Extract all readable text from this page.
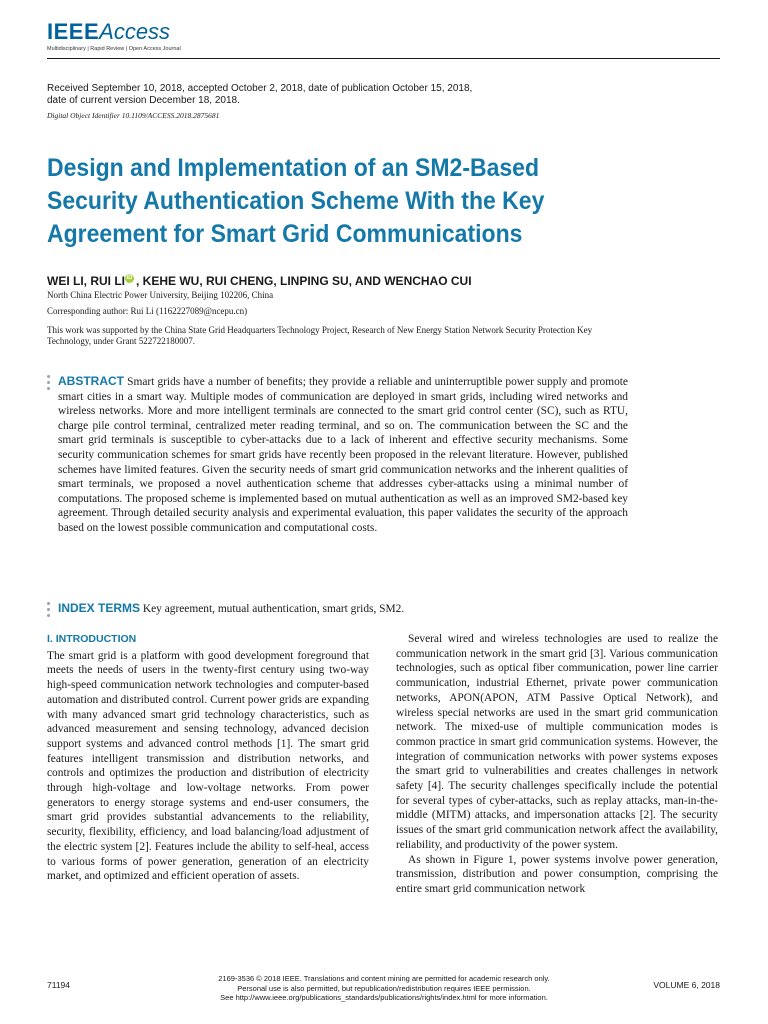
IEEEAccess
Multidisciplinary | Rapid Review | Open Access Journal
Received September 10, 2018, accepted October 2, 2018, date of publication October 15, 2018,
date of current version December 18, 2018.
Digital Object Identifier 10.1109/ACCESS.2018.2875681
Design and Implementation of an SM2-Based Security Authentication Scheme With the Key Agreement for Smart Grid Communications
WEI LI, RUI LI iD , KEHE WU, RUI CHENG, LINPING SU, AND WENCHAO CUI
North China Electric Power University, Beijing 102206, China
Corresponding author: Rui Li (1162227089@ncepu.cn)
This work was supported by the China State Grid Headquarters Technology Project, Research of New Energy Station Network Security Protection Key Technology, under Grant 522722180007.
ABSTRACT Smart grids have a number of benefits; they provide a reliable and uninterruptible power supply and promote smart cities in a smart way. Multiple modes of communication are deployed in smart grids, including wired networks and wireless networks. More and more intelligent terminals are connected to the smart grid control center (SC), such as RTU, charge pile control terminal, centralized meter reading terminal, and so on. The communication between the SC and the smart grid terminals is susceptible to cyber-attacks due to a lack of inherent and effective security mechanisms. Some security communication schemes for smart grids have recently been proposed in the relevant literature. However, published schemes have limited features. Given the security needs of smart grid communication networks and the inherent qualities of smart terminals, we proposed a novel authentication scheme that addresses cyber-attacks using a minimal number of computations. The proposed scheme is implemented based on mutual authentication as well as an improved SM2-based key agreement. Through detailed security analysis and experimental evaluation, this paper validates the security of the approach based on the lowest possible communication and computational costs.
INDEX TERMS Key agreement, mutual authentication, smart grids, SM2.
I. INTRODUCTION

The smart grid is a platform with good development foreground that meets the needs of users in the twenty-first century using two-way high-speed communication network technologies and computer-based automation and distributed control. Current power grids are expanding with many advanced smart grid technology characteristics, such as advanced measurement and sensing technology, advanced decision support systems and advanced control methods [1]. The smart grid features intelligent transmission and distribution networks, and controls and optimizes the production and distribution of electricity through high-voltage and low-voltage networks. From power generators to energy storage systems and end-user consumers, the smart grid provides substantial advancements to the reliability, security, flexibility, efficiency, and load balancing/load adjustment of the electric system [2]. Features include the ability to self-heal, access to various forms of power generation, generation of an electricity market, and optimized and efficient operation of assets.

Several wired and wireless technologies are used to realize the communication network in the smart grid [3]. Various communication technologies, such as optical fiber communication, power line carrier communication, industrial Ethernet, private power communication networks, APON(APON, ATM Passive Optical Network), and wireless special networks are used in the smart grid communication network. The mixed-use of multiple communication modes is common practice in smart grid communication systems. However, the integration of communication networks with power systems exposes the smart grid to vulnerabilities and creates challenges in network safety [4]. The security challenges specifically include the potential for several types of cyber-attacks, such as replay attacks, man-in-the-middle (MITM) attacks, and impersonation attacks [2]. The security issues of the smart grid communication network affect the availability, reliability, and productivity of the power system.

As shown in Figure 1, power systems involve power generation, transmission, distribution and power consumption, comprising the entire smart grid communication network

71194
2169-3536 © 2018 IEEE. Translations and content mining are permitted for academic research only.
Personal use is also permitted, but republication/redistribution requires IEEE permission.
See http://www.ieee.org/publications_standards/publications/rights/index.html for more information.
VOLUME 6, 2018
